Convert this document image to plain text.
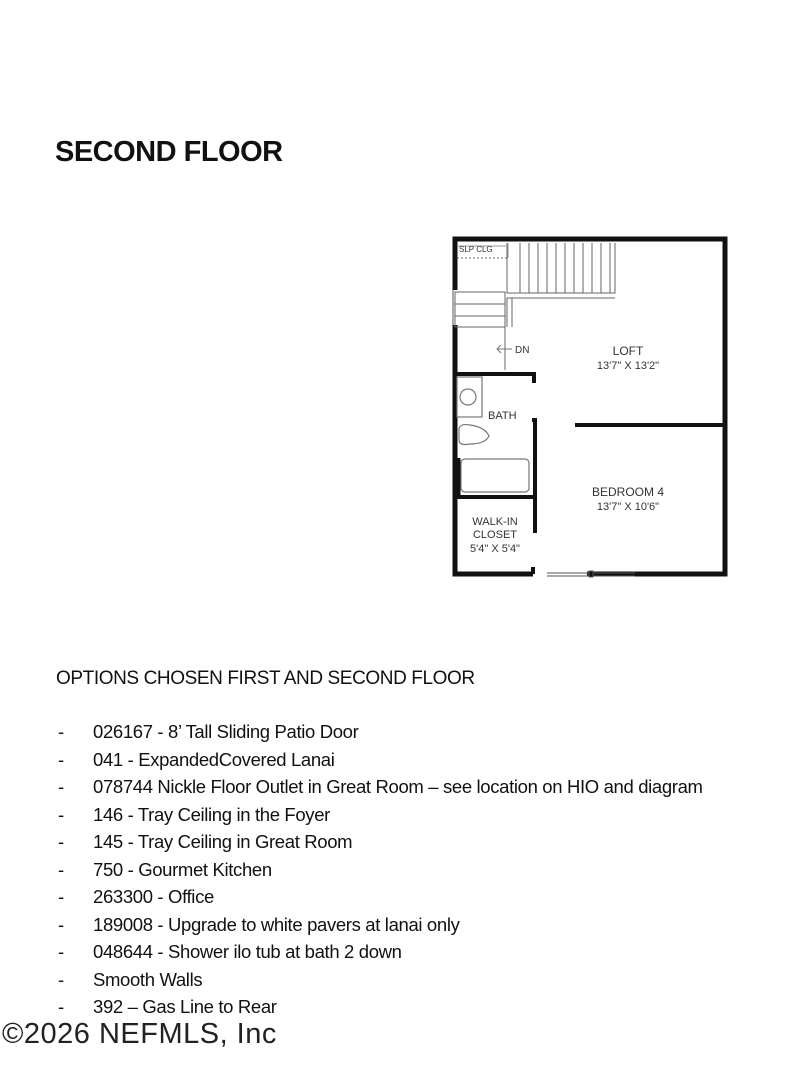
SECOND FLOOR
SLP CLG
DN
BATH
LOFT
13'7" X 13'2"
BEDROOM 4
13'7" X 10'6"
WALK-IN
CLOSET
5'4" X 5'4"
OPTIONS CHOSEN FIRST AND SECOND FLOOR
- 026167 - 8’ Tall Sliding Patio Door
- 041 - ExpandedCovered Lanai
- 078744 Nickle Floor Outlet in Great Room – see location on HIO and diagram
- 146 - Tray Ceiling in the Foyer
- 145 - Tray Ceiling in Great Room
- 750 - Gourmet Kitchen
- 263300 - Office
- 189008 - Upgrade to white pavers at lanai only
- 048644 - Shower ilo tub at bath 2 down
- Smooth Walls
- 392 – Gas Line to Rear
©2026 NEFMLS, Inc
